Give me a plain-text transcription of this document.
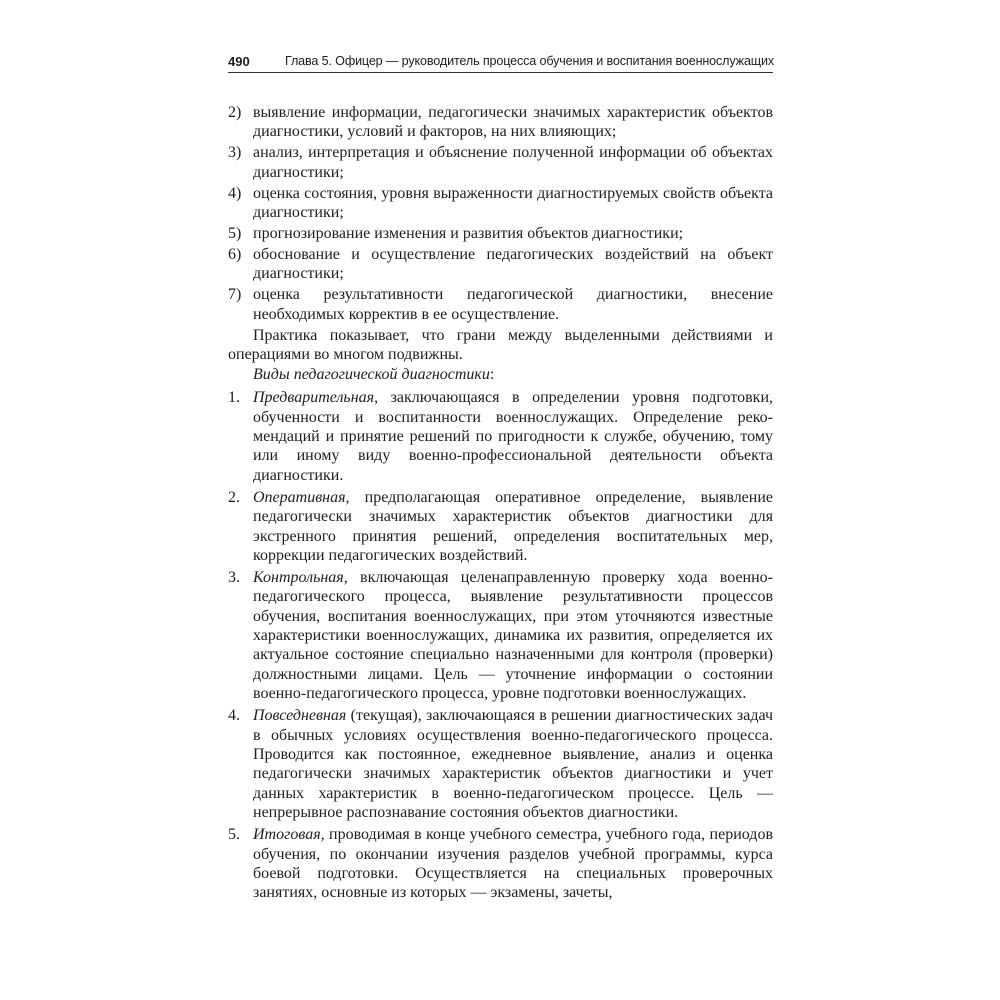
490	Глава 5. Офицер — руководитель процесса обучения и воспитания военнослужащих
2) выявление информации, педагогически значимых характеристик объектов диагностики, условий и факторов, на них влияющих;
3) анализ, интерпретация и объяснение полученной информации об объектах диагностики;
4) оценка состояния, уровня выраженности диагностируемых свойств объекта диагностики;
5) прогнозирование изменения и развития объектов диагностики;
6) обоснование и осуществление педагогических воздействий на объект диагностики;
7) оценка результативности педагогической диагностики, внесение необходимых корректив в ее осуществление.

Практика показывает, что грани между выделенными действиями и операциями во многом подвижны.

Виды педагогической диагностики:

1. Предварительная, заключающаяся в определении уровня подготовки, обученности и воспитанности военнослужащих. Определение рекомендаций и принятие решений по пригодности к службе, обучению, тому или иному виду военно-профессиональной деятельности объекта диагностики.
2. Оперативная, предполагающая оперативное определение, выявление педагогически значимых характеристик объектов диагностики для экстренного принятия решений, определения воспитательных мер, коррекции педагогических воздействий.
3. Контрольная, включающая целенаправленную проверку хода военно-педагогического процесса, выявление результативности процессов обучения, воспитания военнослужащих, при этом уточняются известные характеристики военнослужащих, динамика их развития, определяется их актуальное состояние специально назначенными для контроля (проверки) должностными лицами. Цель — уточнение информации о состоянии военно-педагогического процесса, уровне подготовки военнослужащих.
4. Повседневная (текущая), заключающаяся в решении диагностических задач в обычных условиях осуществления военно-педагогического процесса. Проводится как постоянное, ежедневное выявление, анализ и оценка педагогически значимых характеристик объектов диагностики и учет данных характеристик в военно-педагогическом процессе. Цель — непрерывное распознавание состояния объектов диагностики.
5. Итоговая, проводимая в конце учебного семестра, учебного года, периодов обучения, по окончании изучения разделов учебной программы, курса боевой подготовки. Осуществляется на специальных проверочных занятиях, основные из которых — экзамены, зачеты,
